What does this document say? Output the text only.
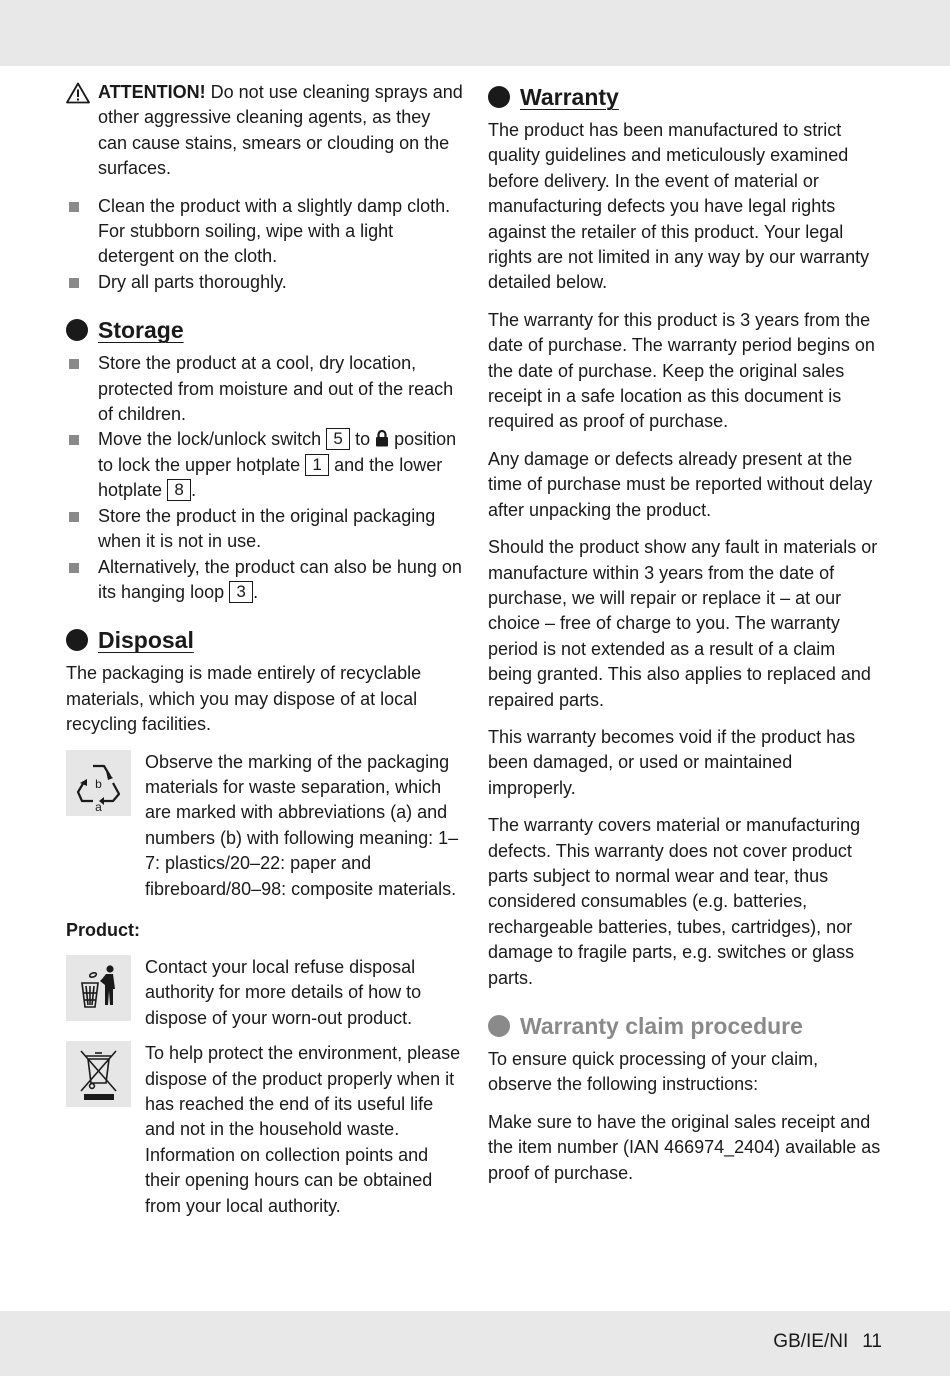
ATTENTION! Do not use cleaning sprays and other aggressive cleaning agents, as they can cause stains, smears or clouding on the surfaces.

Clean the product with a slightly damp cloth. For stubborn soiling, wipe with a light detergent on the cloth.
Dry all parts thoroughly.
Storage
Store the product at a cool, dry location, protected from moisture and out of the reach of children.
Move the lock/unlock switch 5 to  position to lock the upper hotplate 1 and the lower hotplate 8 .
Store the product in the original packaging when it is not in use.
Alternatively, the product can also be hung on its hanging loop 3 .
Disposal

The packaging is made entirely of recyclable materials, which you may dispose of at local recycling facilities.

b
a

Observe the marking of the packaging materials for waste separation, which are marked with abbreviations (a) and numbers (b) with following meaning: 1–7: plastics/20–22: paper and fibreboard/80–98: composite materials.

Product:

Contact your local refuse disposal authority for more details of how to dispose of your worn-out product.

To help protect the environment, please dispose of the product properly when it has reached the end of its useful life and not in the household waste. Information on collection points and their opening hours can be obtained from your local authority.

Warranty

The product has been manufactured to strict quality guidelines and meticulously examined before delivery. In the event of material or manufacturing defects you have legal rights against the retailer of this product. Your legal rights are not limited in any way by our warranty detailed below.

The warranty for this product is 3 years from the date of purchase. The warranty period begins on the date of purchase. Keep the original sales receipt in a safe location as this document is required as proof of purchase.

Any damage or defects already present at the time of purchase must be reported without delay after unpacking the product.

Should the product show any fault in materials or manufacture within 3 years from the date of purchase, we will repair or replace it – at our choice – free of charge to you. The warranty period is not extended as a result of a claim being granted. This also applies to replaced and repaired parts.

This warranty becomes void if the product has been damaged, or used or maintained improperly.

The warranty covers material or manufacturing defects. This warranty does not cover product parts subject to normal wear and tear, thus considered consumables (e.g. batteries, rechargeable batteries, tubes, cartridges), nor damage to fragile parts, e.g. switches or glass parts.

Warranty claim procedure

To ensure quick processing of your claim, observe the following instructions:

Make sure to have the original sales receipt and the item number (IAN 466974_2404) available as proof of purchase.

GB/IE/NI 11
